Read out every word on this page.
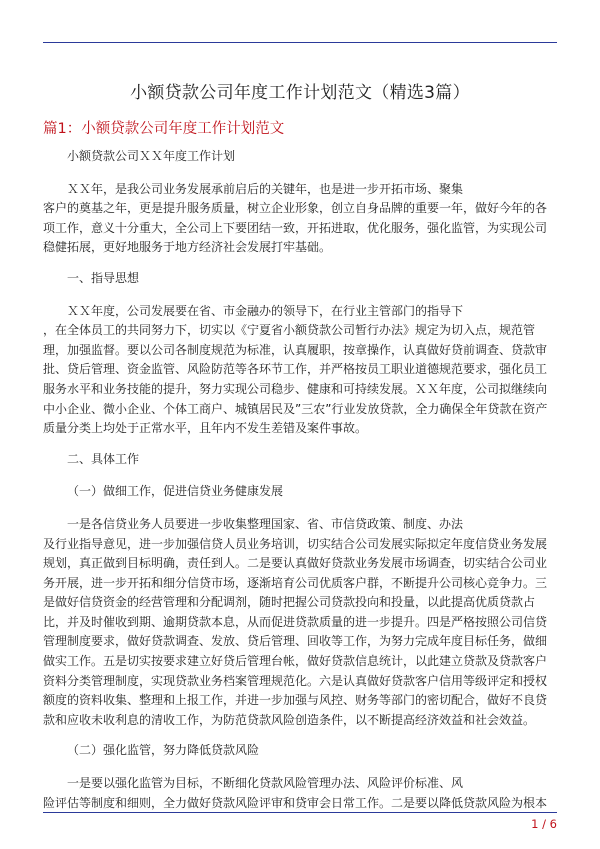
小额贷款公司年度工作计划范文（精选3篇）
篇1：小额贷款公司年度工作计划范文

小额贷款公司ＸＸ年度工作计划

ＸＸ年，是我公司业务发展承前启后的关键年，也是进一步开拓市场、聚集
客户的奠基之年，更是提升服务质量，树立企业形象，创立自身品牌的重要一年，做好今年的各项工作，意义十分重大，全公司上下要团结一致，开拓进取，优化服务，强化监管，为实现公司稳健拓展，更好地服务于地方经济社会发展打牢基础。

一、指导思想

ＸＸ年度，公司发展要在省、市金融办的领导下，在行业主管部门的指导下
，在全体员工的共同努力下，切实以《宁夏省小额贷款公司暂行办法》规定为切入点，规范管理，加强监督。要以公司各制度规范为标准，认真履职，按章操作，认真做好贷前调查、贷款审批、贷后管理、资金监管、风险防范等各环节工作，并严格按员工职业道德规范要求，强化员工服务水平和业务技能的提升，努力实现公司稳步、健康和可持续发展。ＸＸ年度，公司拟继续向中小企业、微小企业、个体工商户、城镇居民及”三农”行业发放贷款，全力确保全年贷款在资产质量分类上均处于正常水平，且年内不发生差错及案件事故。

二、具体工作

（一）做细工作，促进信贷业务健康发展

一是各信贷业务人员要进一步收集整理国家、省、市信贷政策、制度、办法
及行业指导意见，进一步加强信贷人员业务培训，切实结合公司发展实际拟定年度信贷业务发展规划，真正做到目标明确，责任到人。二是要认真做好贷款业务发展市场调查，切实结合公司业务开展，进一步开拓和细分信贷市场，逐渐培育公司优质客户群，不断提升公司核心竞争力。三是做好信贷资金的经营管理和分配调剂，随时把握公司贷款投向和投量，以此提高优质贷款占比，并及时催收到期、逾期贷款本息，从而促进贷款质量的进一步提升。四是严格按照公司信贷管理制度要求，做好贷款调查、发放、贷后管理、回收等工作，为努力完成年度目标任务，做细做实工作。五是切实按要求建立好贷后管理台帐，做好贷款信息统计，以此建立贷款及贷款客户资料分类管理制度，实现贷款业务档案管理规范化。六是认真做好贷款客户信用等级评定和授权额度的资料收集、整理和上报工作，并进一步加强与风控、财务等部门的密切配合，做好不良贷款和应收未收利息的清收工作，为防范贷款风险创造条件，以不断提高经济效益和社会效益。

（二）强化监管，努力降低贷款风险

一是要以强化监管为目标，不断细化贷款风险管理办法、风险评价标准、风
险评估等制度和细则，全力做好贷款风险评审和贷审会日常工作。二是要以降低贷款风险为根本

1 / 6
